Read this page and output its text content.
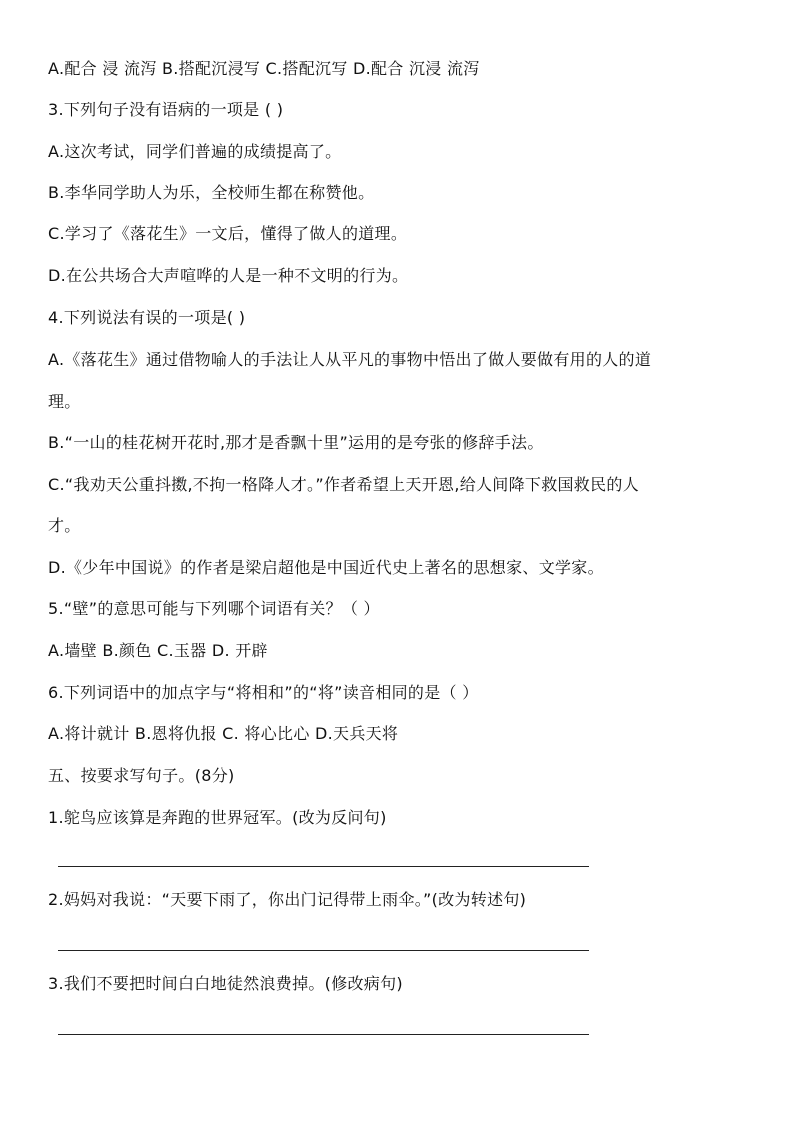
A.配合 浸 流泻 B.搭配沉浸写 C.搭配沉写 D.配合 沉浸 流泻
3.下列句子没有语病的一项是 ( )
A.这次考试，同学们普遍的成绩提高了。
B.李华同学助人为乐，全校师生都在称赞他。
C.学习了《落花生》一文后，懂得了做人的道理。
D.在公共场合大声喧哗的人是一种不文明的行为。
4.下列说法有误的一项是( )
A.《落花生》通过借物喻人的手法让人从平凡的事物中悟出了做人要做有用的人的道
理。
B.“一山的桂花树开花时,那才是香飘十里”运用的是夸张的修辞手法。
C.“我劝天公重抖擞,不拘一格降人才。”作者希望上天开恩,给人间降下救国救民的人
才。
D.《少年中国说》的作者是梁启超他是中国近代史上著名的思想家、文学家。
5.“壁”的意思可能与下列哪个词语有关？（ ）
A.墙壁 B.颜色 C.玉器 D. 开辟
6.下列词语中的加点字与“将相和”的“将”读音相同的是（ ）
A.将计就计 B.恩将仇报 C. 将心比心 D.天兵天将
五、按要求写句子。(8分)
1.鸵鸟应该算是奔跑的世界冠军。(改为反问句)
2.妈妈对我说：“天要下雨了，你出门记得带上雨伞。”(改为转述句)
3.我们不要把时间白白地徒然浪费掉。(修改病句)
